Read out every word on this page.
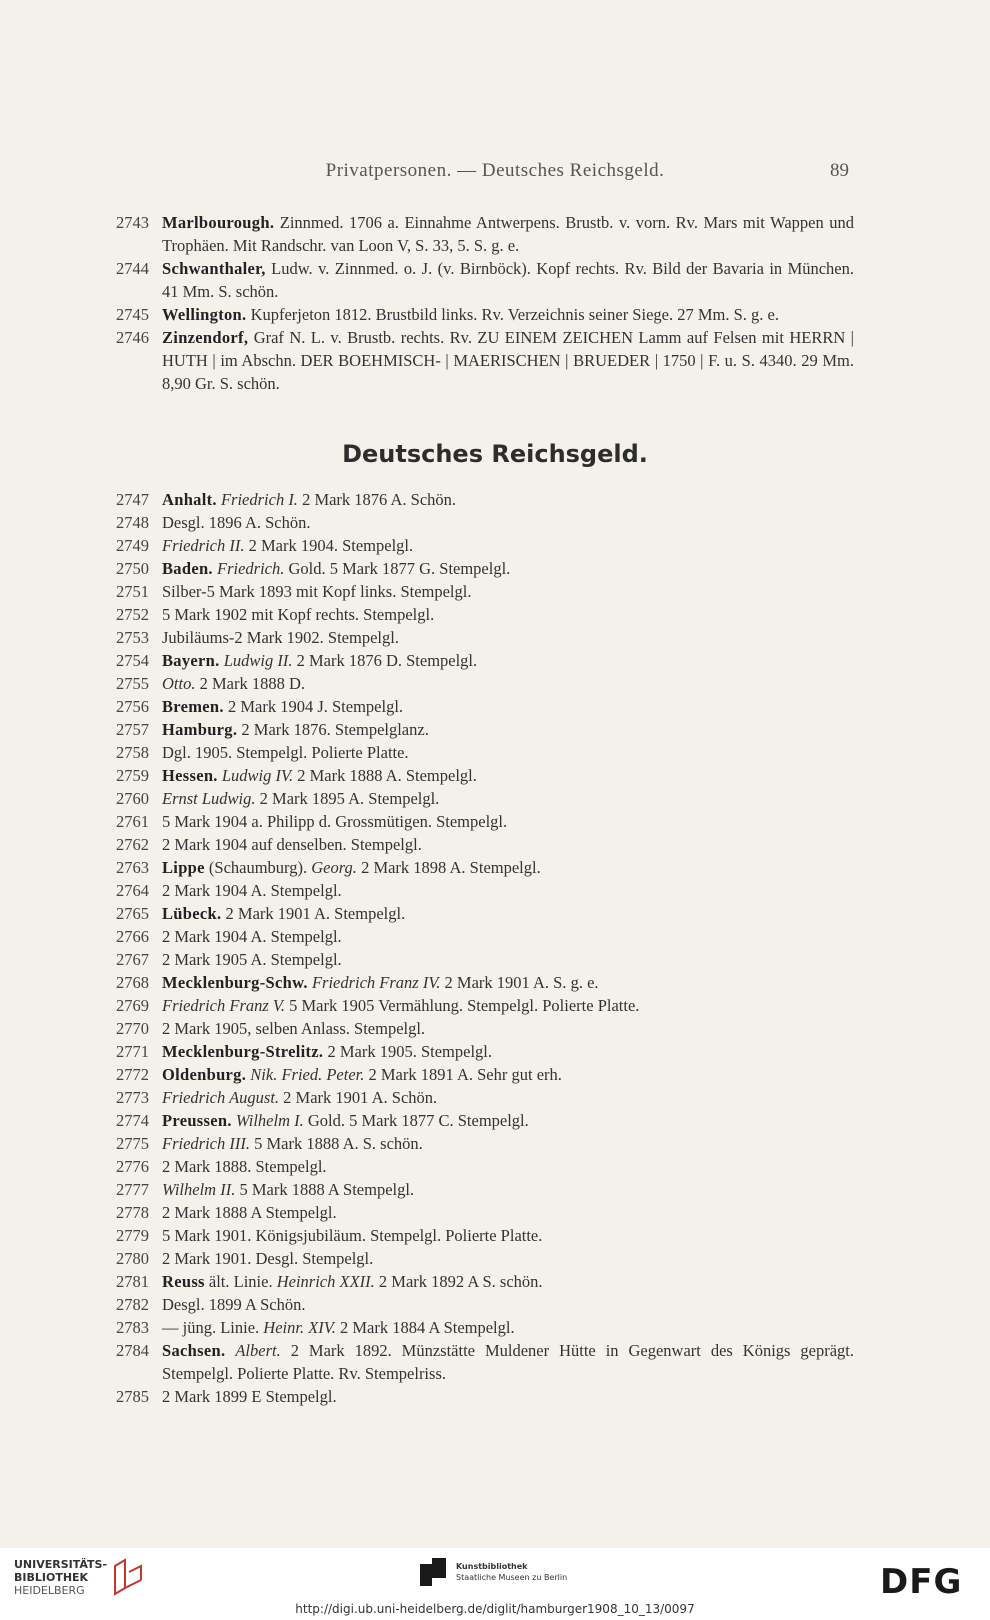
Privatpersonen. — Deutsches Reichsgeld.	89
2743 Marlbourough. Zinnmed. 1706 a. Einnahme Antwerpens. Brustb. v. vorn. Rv. Mars mit Wappen und Trophäen. Mit Randschr. van Loon V, S. 33, 5. S. g. e.
2744 Schwanthaler, Ludw. v. Zinnmed. o. J. (v. Birnböck). Kopf rechts. Rv. Bild der Bavaria in München. 41 Mm. S. schön.
2745 Wellington. Kupferjeton 1812. Brustbild links. Rv. Verzeichnis seiner Siege. 27 Mm. S. g. e.
2746 Zinzendorf, Graf N. L. v. Brustb. rechts. Rv. ZU EINEM ZEICHEN Lamm auf Felsen mit HERRN | HUTH | im Abschn. DER BOEHMISCH- | MAERISCHEN | BRUEDER | 1750 | F. u. S. 4340. 29 Mm. 8,90 Gr. S. schön.
Deutsches Reichsgeld.
2747 Anhalt. Friedrich I. 2 Mark 1876 A. Schön.
2748 Desgl. 1896 A. Schön.
2749 Friedrich II. 2 Mark 1904. Stempelgl.
2750 Baden. Friedrich. Gold. 5 Mark 1877 G. Stempelgl.
2751 Silber-5 Mark 1893 mit Kopf links. Stempelgl.
2752 5 Mark 1902 mit Kopf rechts. Stempelgl.
2753 Jubiläums-2 Mark 1902. Stempelgl.
2754 Bayern. Ludwig II. 2 Mark 1876 D. Stempelgl.
2755 Otto. 2 Mark 1888 D.
2756 Bremen. 2 Mark 1904 J. Stempelgl.
2757 Hamburg. 2 Mark 1876. Stempelglanz.
2758 Dgl. 1905. Stempelgl. Polierte Platte.
2759 Hessen. Ludwig IV. 2 Mark 1888 A. Stempelgl.
2760 Ernst Ludwig. 2 Mark 1895 A. Stempelgl.
2761 5 Mark 1904 a. Philipp d. Grossmütigen. Stempelgl.
2762 2 Mark 1904 auf denselben. Stempelgl.
2763 Lippe (Schaumburg). Georg. 2 Mark 1898 A. Stempelgl.
2764 2 Mark 1904 A. Stempelgl.
2765 Lübeck. 2 Mark 1901 A. Stempelgl.
2766 2 Mark 1904 A. Stempelgl.
2767 2 Mark 1905 A. Stempelgl.
2768 Mecklenburg-Schw. Friedrich Franz IV. 2 Mark 1901 A. S. g. e.
2769 Friedrich Franz V. 5 Mark 1905 Vermählung. Stempelgl. Polierte Platte.
2770 2 Mark 1905, selben Anlass. Stempelgl.
2771 Mecklenburg-Strelitz. 2 Mark 1905. Stempelgl.
2772 Oldenburg. Nik. Fried. Peter. 2 Mark 1891 A. Sehr gut erh.
2773 Friedrich August. 2 Mark 1901 A. Schön.
2774 Preussen. Wilhelm I. Gold. 5 Mark 1877 C. Stempelgl.
2775 Friedrich III. 5 Mark 1888 A. S. schön.
2776 2 Mark 1888. Stempelgl.
2777 Wilhelm II. 5 Mark 1888 A Stempelgl.
2778 2 Mark 1888 A Stempelgl.
2779 5 Mark 1901. Königsjubiläum. Stempelgl. Polierte Platte.
2780 2 Mark 1901. Desgl. Stempelgl.
2781 Reuss ält. Linie. Heinrich XXII. 2 Mark 1892 A S. schön.
2782 Desgl. 1899 A Schön.
2783 — jüng. Linie. Heinr. XIV. 2 Mark 1884 A Stempelgl.
2784 Sachsen. Albert. 2 Mark 1892. Münzstätte Muldener Hütte in Gegenwart des Königs geprägt. Stempelgl. Polierte Platte. Rv. Stempelriss.
2785 2 Mark 1899 E Stempelgl.
UNIVERSITÄTS-
BIBLIOTHEK
HEIDELBERG
Kunstbibliothek
Staatliche Museen zu Berlin	DFG
http://digi.ub.uni-heidelberg.de/diglit/hamburger1908_10_13/0097
